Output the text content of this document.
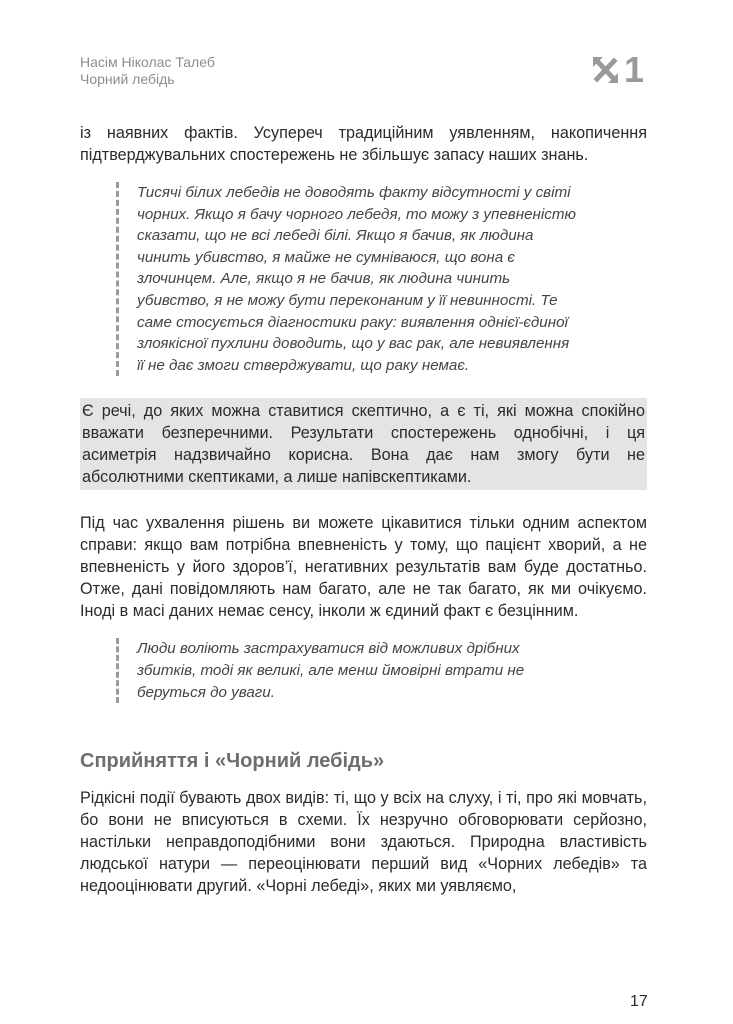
Насім Ніколас Талеб
Чорний лебідь	1

із наявних фактів. Усупереч традиційним уявленням, накопичення підтверджувальних спостережень не збільшує запасу наших знань.

Тисячі білих лебедів не доводять факту відсутності у світі чорних. Якщо я бачу чорного лебедя, то можу з упевненістю сказати, що не всі лебеді білі. Якщо я бачив, як людина чинить убивство, я майже не сумніваюся, що вона є злочинцем. Але, якщо я не бачив, як людина чинить убивство, я не можу бути переконаним у її невинності. Те саме стосується діагностики раку: виявлення однієї-єдиної злоякісної пухлини доводить, що у вас рак, але невиявлення її не дає змоги стверджувати, що раку немає.

Є речі, до яких можна ставитися скептично, а є ті, які можна спокійно вважати безперечними. Результати спостережень однобічні, і ця асиметрія надзвичайно корисна. Вона дає нам змогу бути не абсолютними скептиками, а лише напівскептиками.

Під час ухвалення рішень ви можете цікавитися тільки одним аспектом справи: якщо вам потрібна впевненість у тому, що пацієнт хворий, а не впевненість у його здоров’ї, негативних результатів вам буде достатньо. Отже, дані повідомляють нам багато, але не так багато, як ми очікуємо. Іноді в масі даних немає сенсу, інколи ж єдиний факт є безцінним.

Люди воліють застрахуватися від можливих дрібних збитків, тоді як великі, але менш ймовірні втрати не беруться до уваги.
Сприйняття і «Чорний лебідь»

Рідкісні події бувають двох видів: ті, що у всіх на слуху, і ті, про які мовчать, бо вони не вписуються в схеми. Їх незручно обговорювати серйозно, настільки неправдоподібними вони здаються. Природна властивість людської натури — переоцінювати перший вид «Чорних лебедів» та недооцінювати другий. «Чорні лебеді», яких ми уявляємо,

17
